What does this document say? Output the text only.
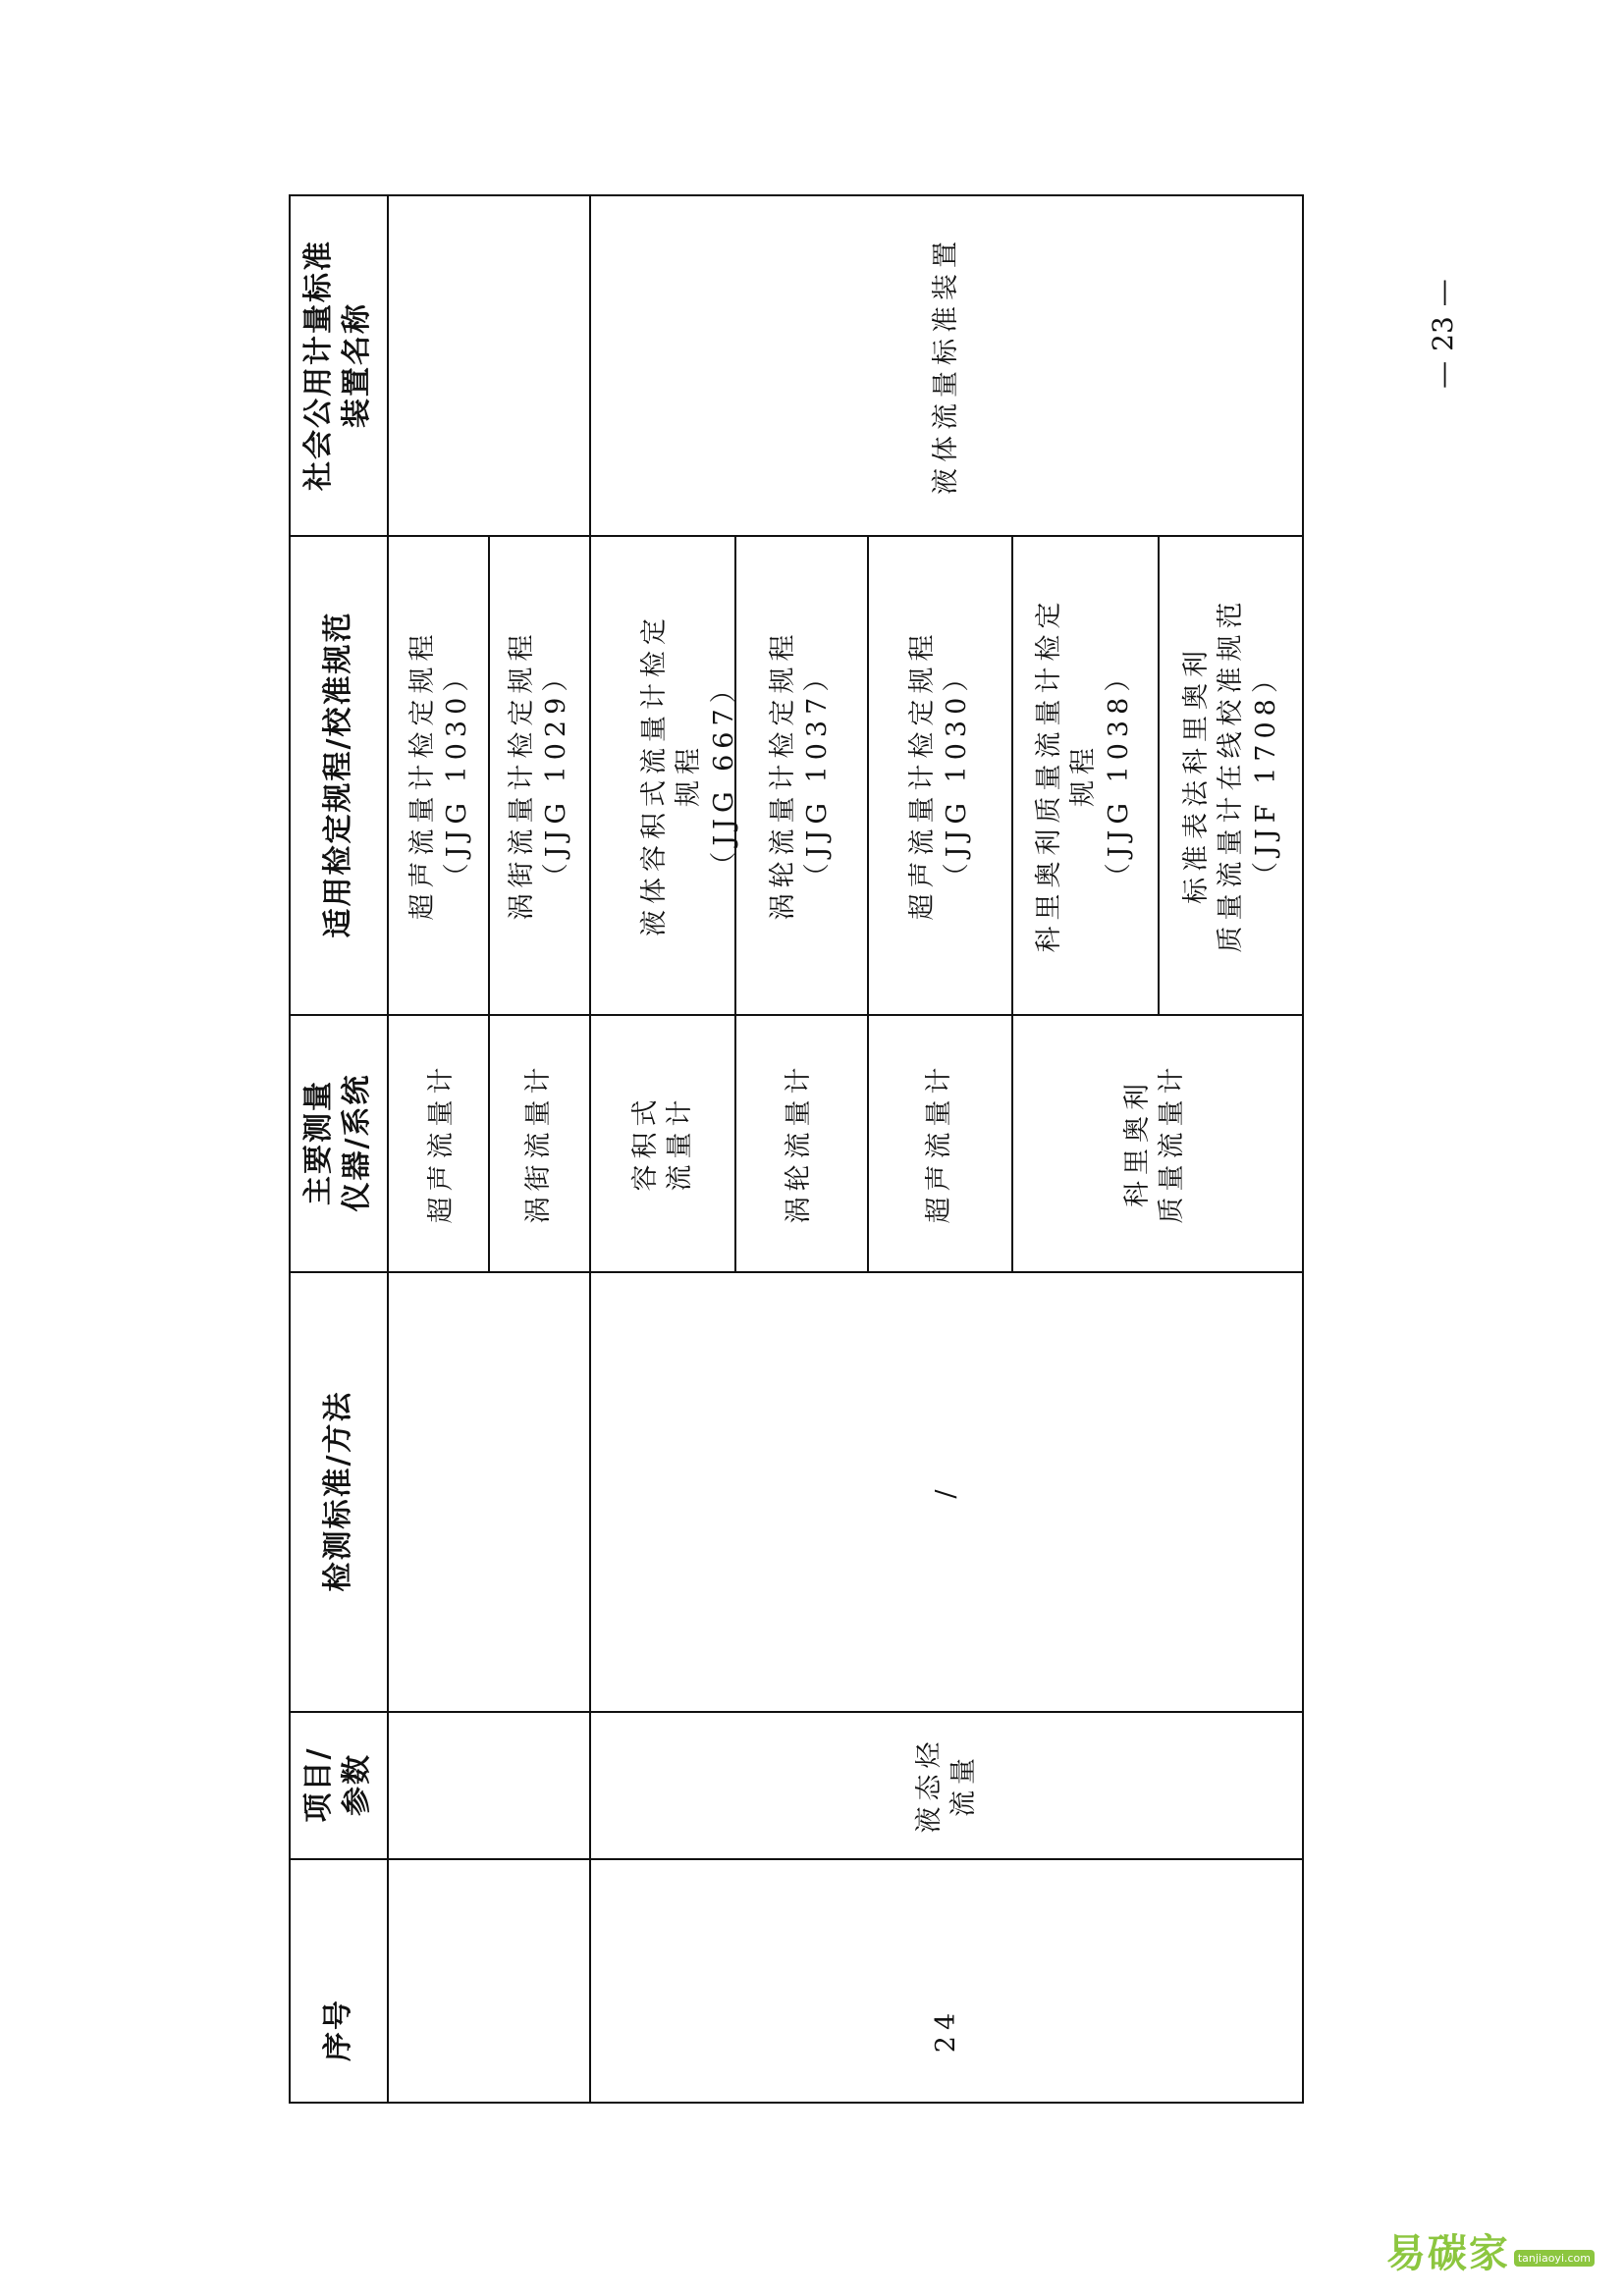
序号
项目/ 参数
检测标准/方法
主要测量 仪器/系统
适用检定规程/校准规范
社会公用计量标准 装置名称
24
液态烃 流量
/
液体流量标准装置
超声流量计
超声流量计检定规程 （JJG 1030）
涡街流量计
涡街流量计检定规程 （JJG 1029）
容积式 流量计
液体容积式流量计检定 规程 （JJG 667）
涡轮流量计
涡轮流量计检定规程 （JJG 1037）
超声流量计
超声流量计检定规程 （JJG 1030）
科里奥利 质量流量计
科里奥利质量流量计检定 规程 （JJG 1038） 标准表法科里奥利 质量流量计在线校准规范 （JJF 1708）
—
23
—
易碳家 tanjiaoyi.com
